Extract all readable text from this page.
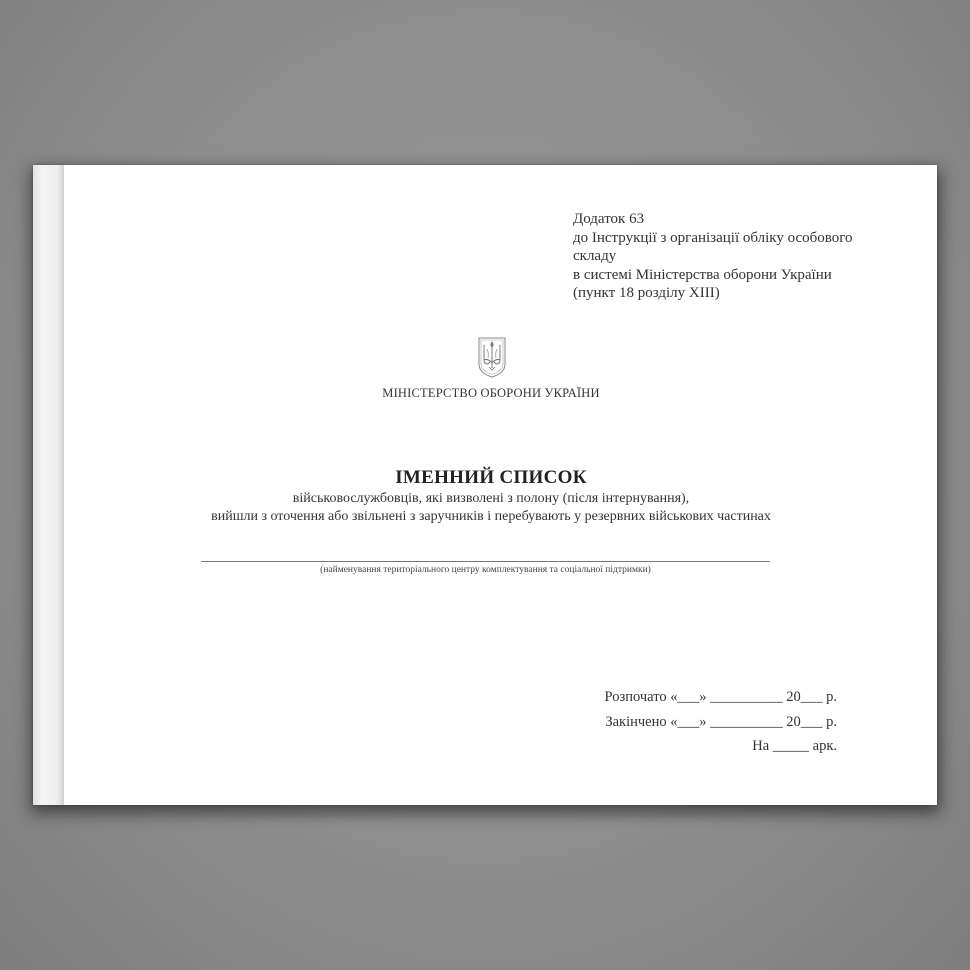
Додаток 63
до Інструкції з організації обліку особового
складу
в системі Міністерства оборони України
(пункт 18 розділу XIII)
МІНІСТЕРСТВО ОБОРОНИ УКРАЇНИ
ІМЕННИЙ СПИСОК
військовослужбовців, які визволені з полону (після інтернування),
вийшли з оточення або звільнені з заручників і перебувають у резервних військових частинах
(найменування територіального центру комплектування та соціальної підтримки)
Розпочато «___» __________ 20___ р.
Закінчено «___» __________ 20___ р.
На _____ арк.
